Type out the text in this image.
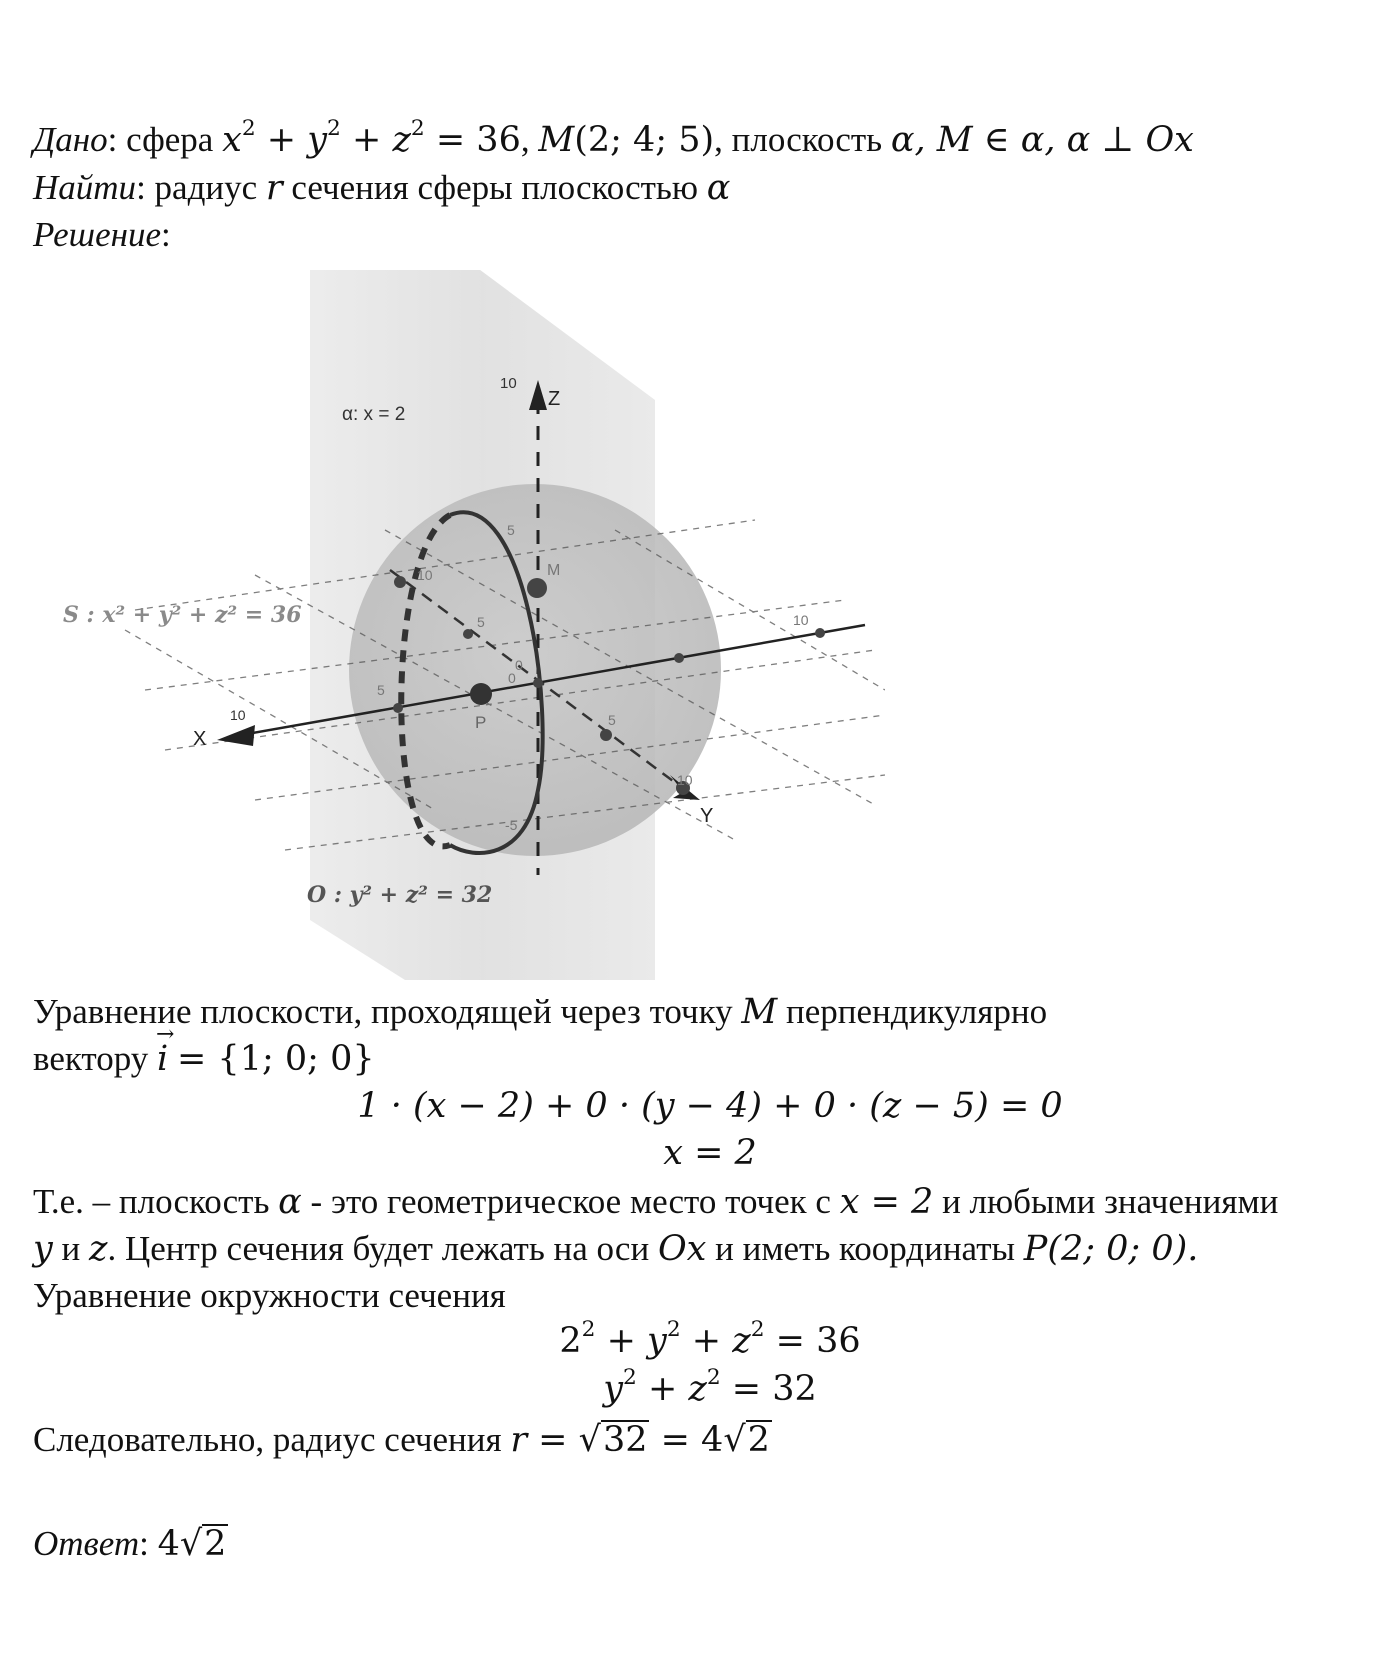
Дано: сфера $x^2 + y^2 + z^2 = 36$, M(2; 4; 5), плоскость α, M ∈ α, α ⊥ Ox
Найти: радиус r сечения сферы плоскостью α
Решение:
X
Z
Y
M
P
10
5
-5
10
5
10
10
5
5
10
0
0
α: x = 2
S : x² + y² + z² = 36
O : y² + z² = 32
Уравнение плоскости, проходящей через точку M перпендикулярно
вектору → i = {1; 0; 0}
1 · (x − 2) + 0 · (y − 4) + 0 · (z − 5) = 0
x = 2
Т.е. – плоскость α - это геометрическое место точек с x = 2 и любыми значениями
y и z. Центр сечения будет лежать на оси Ox и иметь координаты P(2; 0; 0).
Уравнение окружности сечения
$2^2 + y^2 + z^2 = 36$
$y^2 + z^2 = 32$
Следовательно, радиус сечения r = √32 = 4√2
Ответ: 4√2
